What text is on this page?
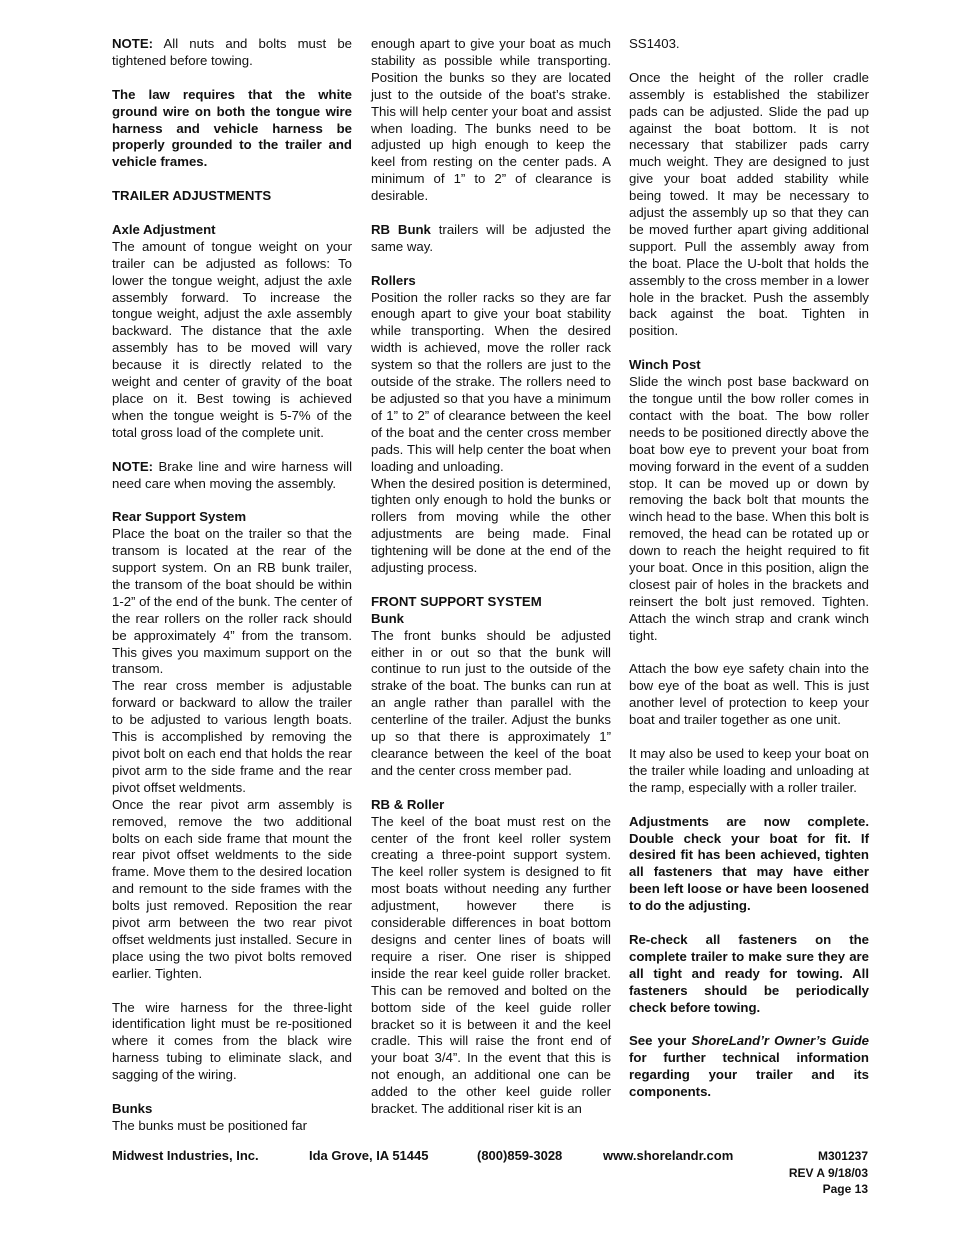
NOTE: All nuts and bolts must be tightened before towing.

The law requires that the white ground wire on both the tongue wire harness and vehicle harness be properly grounded to the trailer and vehicle frames.

TRAILER ADJUSTMENTS

Axle Adjustment

The amount of tongue weight on your trailer can be adjusted as follows: To lower the tongue weight, adjust the axle assembly forward. To increase the tongue weight, adjust the axle assembly backward. The distance that the axle assembly has to be moved will vary because it is directly related to the weight and center of gravity of the boat place on it. Best towing is achieved when the tongue weight is 5-7% of the total gross load of the complete unit.

NOTE: Brake line and wire harness will need care when moving the assembly.

Rear Support System

Place the boat on the trailer so that the transom is located at the rear of the support system. On an RB bunk trailer, the transom of the boat should be within 1-2” of the end of the bunk. The center of the rear rollers on the roller rack should be approximately 4” from the transom. This gives you maximum support on the transom.

The rear cross member is adjustable forward or backward to allow the trailer to be adjusted to various length boats. This is accomplished by removing the pivot bolt on each end that holds the rear pivot arm to the side frame and the rear pivot offset weldments.

Once the rear pivot arm assembly is removed, remove the two additional bolts on each side frame that mount the rear pivot offset weldments to the side frame. Move them to the desired location and remount to the side frames with the bolts just removed. Reposition the rear pivot arm between the two rear pivot offset weldments just installed. Secure in place using the two pivot bolts removed earlier. Tighten.

The wire harness for the three-light identification light must be re-positioned where it comes from the black wire harness tubing to eliminate slack, and sagging of the wiring.

Bunks

The bunks must be positioned far

enough apart to give your boat as much stability as possible while transporting. Position the bunks so they are located just to the outside of the boat’s strake. This will help center your boat and assist when loading. The bunks need to be adjusted up high enough to keep the keel from resting on the center pads. A minimum of 1” to 2” of clearance is desirable.

RB Bunk trailers will be adjusted the same way.

Rollers

Position the roller racks so they are far enough apart to give your boat stability while transporting. When the desired width is achieved, move the roller rack system so that the rollers are just to the outside of the strake. The rollers need to be adjusted so that you have a minimum of 1” to 2” of clearance between the keel of the boat and the center cross member pads. This will help center the boat when loading and unloading.

When the desired position is determined, tighten only enough to hold the bunks or rollers from moving while the other adjustments are being made. Final tightening will be done at the end of the adjusting process.

FRONT SUPPORT SYSTEM

Bunk

The front bunks should be adjusted either in or out so that the bunk will continue to run just to the outside of the strake of the boat. The bunks can run at an angle rather than parallel with the centerline of the trailer. Adjust the bunks up so that there is approximately 1” clearance between the keel of the boat and the center cross member pad.

RB & Roller

The keel of the boat must rest on the center of the front keel roller system creating a three-point support system. The keel roller system is designed to fit most boats without needing any further adjustment, however there is considerable differences in boat bottom designs and center lines of boats will require a riser. One riser is shipped inside the rear keel guide roller bracket. This can be removed and bolted on the bottom side of the keel guide roller bracket so it is between it and the keel cradle. This will raise the front end of your boat 3/4”. In the event that this is not enough, an additional one can be added to the other keel guide roller bracket. The additional riser kit is an

SS1403.

Once the height of the roller cradle assembly is established the stabilizer pads can be adjusted. Slide the pad up against the boat bottom. It is not necessary that stabilizer pads carry much weight. They are designed to just give your boat added stability while being towed. It may be necessary to adjust the assembly up so that they can be moved further apart giving additional support. Pull the assembly away from the boat. Place the U-bolt that holds the assembly to the cross member in a lower hole in the bracket. Push the assembly back against the boat. Tighten in position.

Winch Post

Slide the winch post base backward on the tongue until the bow roller comes in contact with the boat. The bow roller needs to be positioned directly above the boat bow eye to prevent your boat from moving forward in the event of a sudden stop. It can be moved up or down by removing the back bolt that mounts the winch head to the base. When this bolt is removed, the head can be rotated up or down to reach the height required to fit your boat. Once in this position, align the closest pair of holes in the brackets and reinsert the bolt just removed. Tighten. Attach the winch strap and crank winch tight.

Attach the bow eye safety chain into the bow eye of the boat as well. This is just another level of protection to keep your boat and trailer together as one unit.

It may also be used to keep your boat on the trailer while loading and unloading at the ramp, especially with a roller trailer.

Adjustments are now complete. Double check your boat for fit. If desired fit has been achieved, tighten all fasteners that may have either been left loose or have been loosened to do the adjusting.

Re-check all fasteners on the complete trailer to make sure they are all tight and ready for towing. All fasteners should be periodically check before towing.

See your ShoreLand’r Owner’s Guide for further technical information regarding your trailer and its components.

Midwest Industries, Inc.	Ida Grove, IA 51445	(800)859-3028	www.shorelandr.com	M301237
REV A 9/18/03
Page 13
